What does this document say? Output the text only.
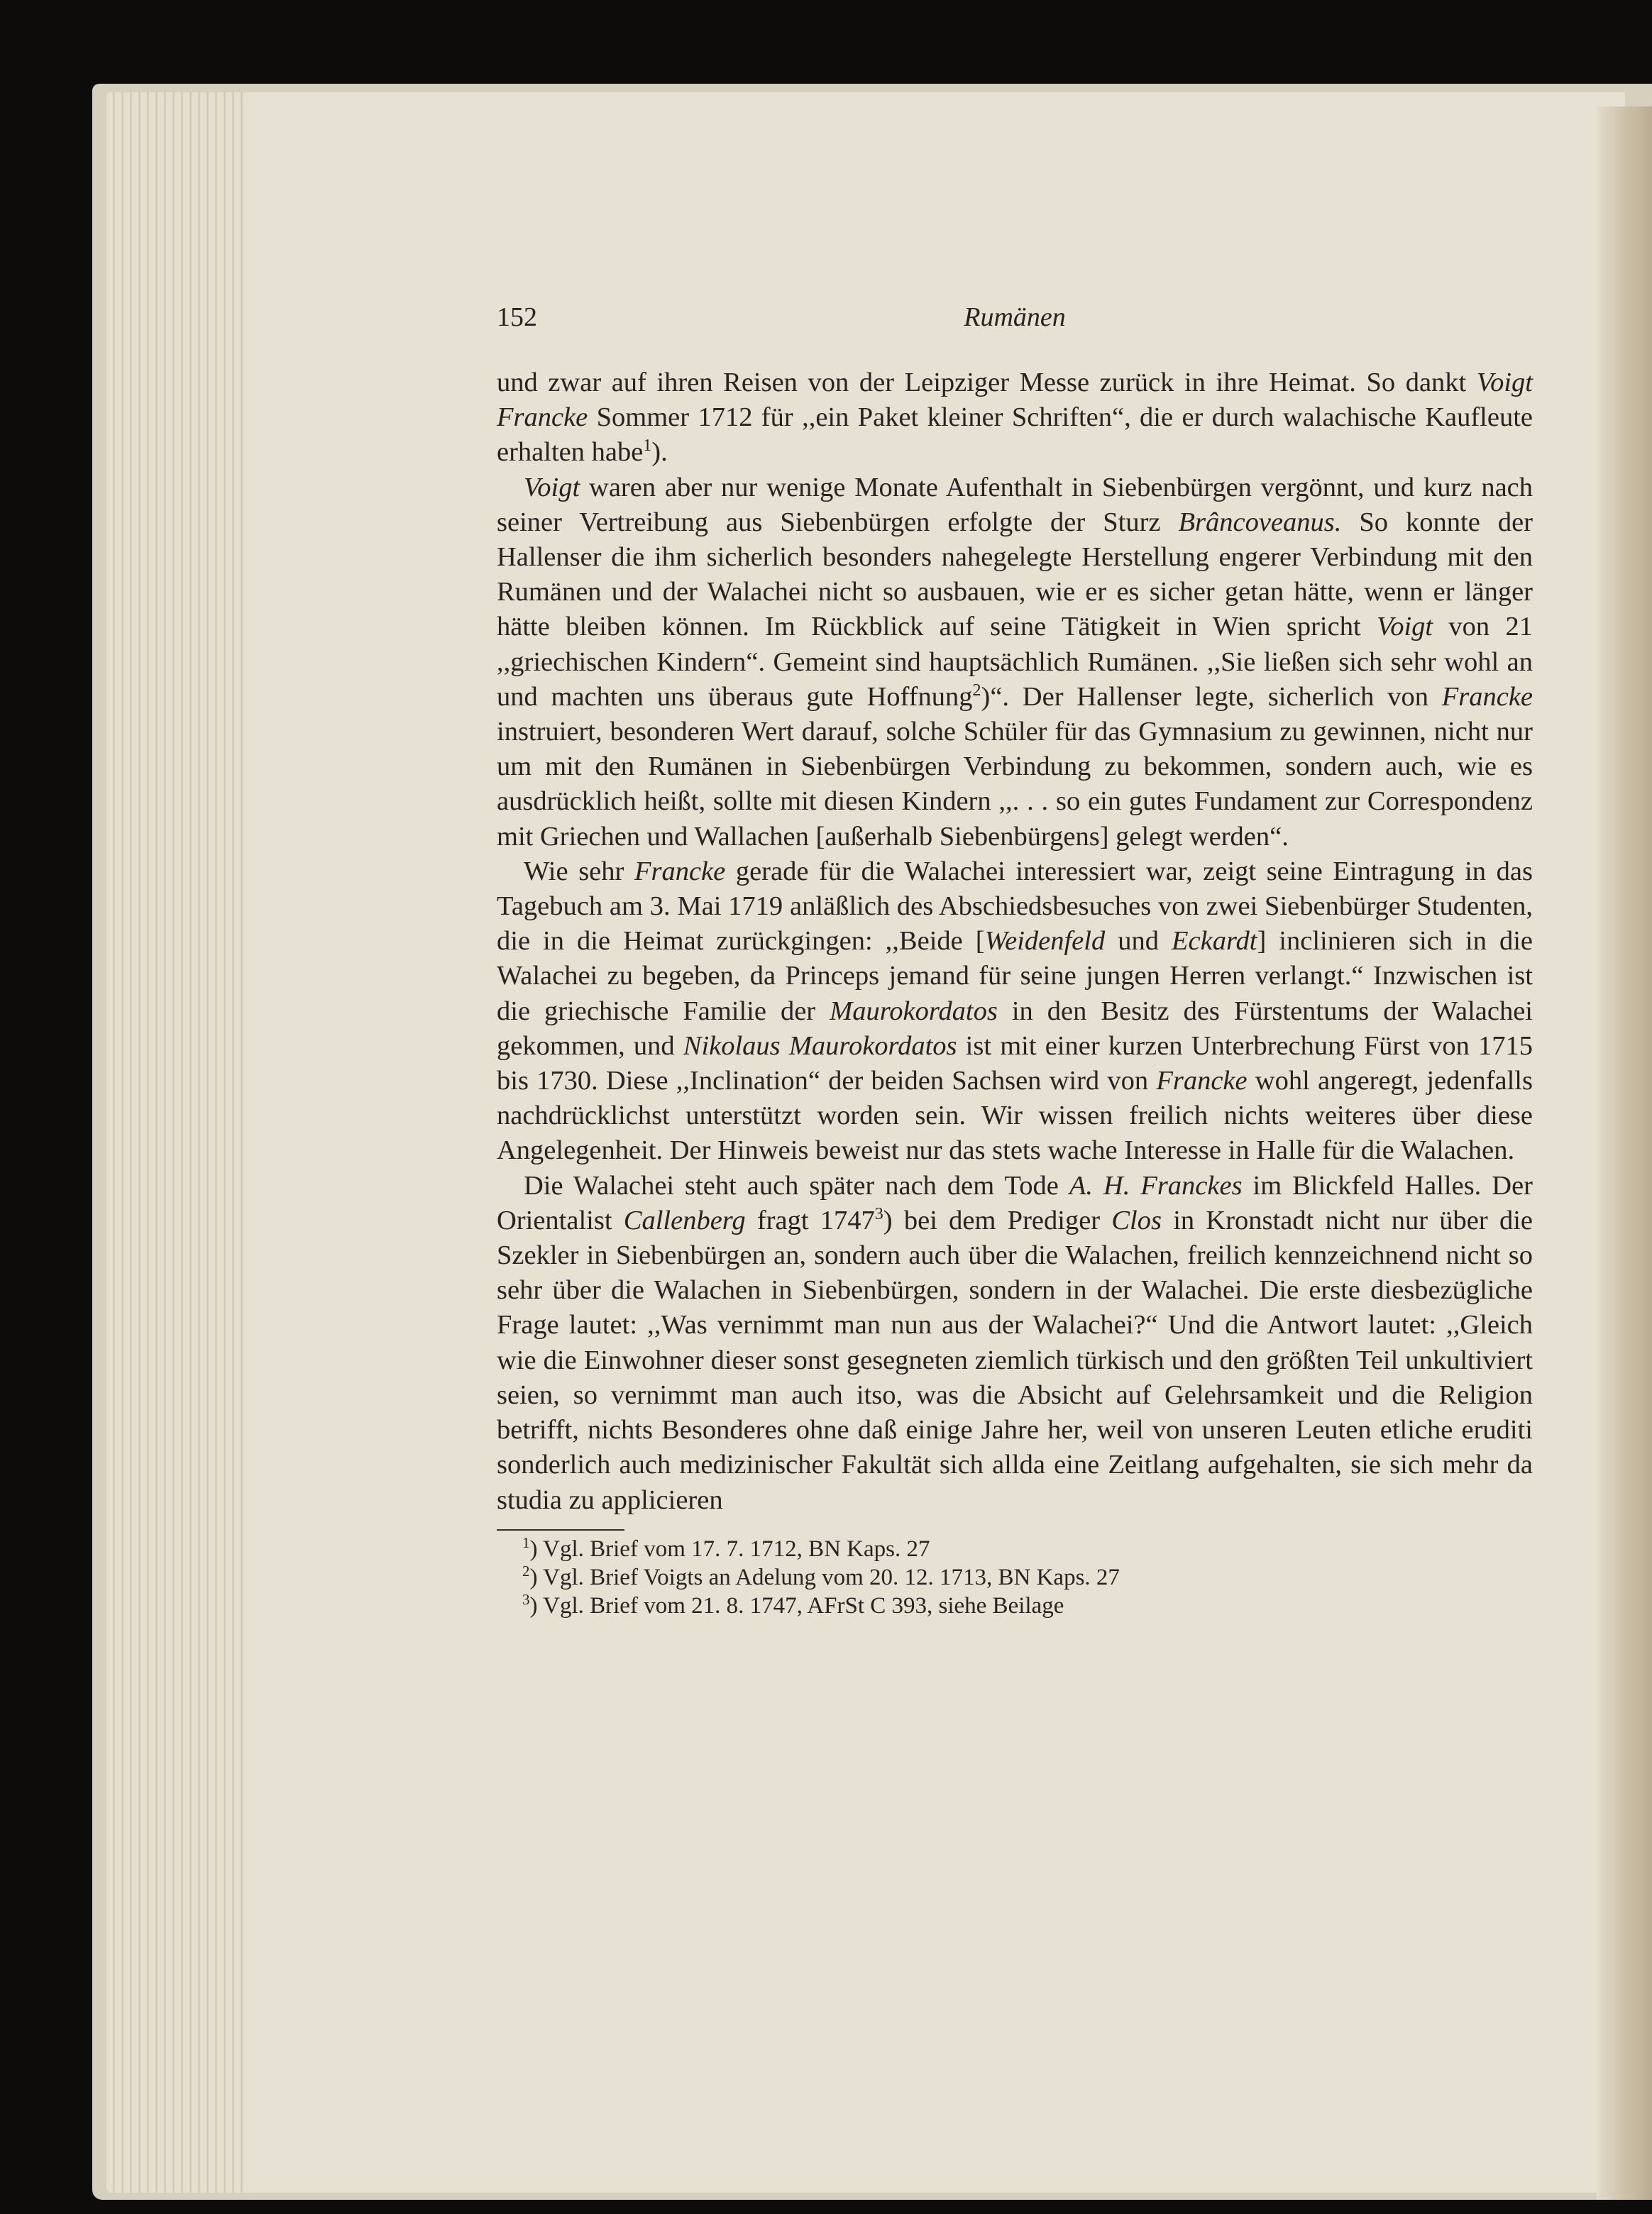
152	Rumänen

und zwar auf ihren Reisen von der Leipziger Messe zurück in ihre Heimat. So dankt Voigt Francke Sommer 1712 für ,,ein Paket kleiner Schriften“, die er durch walachische Kaufleute erhalten habe$^1$).

Voigt waren aber nur wenige Monate Aufenthalt in Siebenbürgen vergönnt, und kurz nach seiner Vertreibung aus Siebenbürgen erfolgte der Sturz Brâncoveanus. So konnte der Hallenser die ihm sicherlich besonders nahegelegte Herstellung engerer Verbindung mit den Rumänen und der Walachei nicht so ausbauen, wie er es sicher getan hätte, wenn er länger hätte bleiben können. Im Rückblick auf seine Tätigkeit in Wien spricht Voigt von 21 ,,griechischen Kindern“. Gemeint sind hauptsächlich Rumänen. ,,Sie ließen sich sehr wohl an und machten uns überaus gute Hoffnung$^2$)“. Der Hallenser legte, sicherlich von Francke instruiert, besonderen Wert darauf, solche Schüler für das Gymnasium zu gewinnen, nicht nur um mit den Rumänen in Siebenbürgen Verbindung zu bekommen, sondern auch, wie es ausdrücklich heißt, sollte mit diesen Kindern ,,. . . so ein gutes Fundament zur Correspondenz mit Griechen und Wallachen [außerhalb Siebenbürgens] gelegt werden“.

Wie sehr Francke gerade für die Walachei interessiert war, zeigt seine Eintragung in das Tagebuch am 3. Mai 1719 anläßlich des Abschiedsbesuches von zwei Siebenbürger Studenten, die in die Heimat zurückgingen: ,,Beide [Weidenfeld und Eckardt] inclinieren sich in die Walachei zu begeben, da Princeps jemand für seine jungen Herren verlangt.“ Inzwischen ist die griechische Familie der Maurokordatos in den Besitz des Fürstentums der Walachei gekommen, und Nikolaus Maurokordatos ist mit einer kurzen Unterbrechung Fürst von 1715 bis 1730. Diese ,,Inclination“ der beiden Sachsen wird von Francke wohl angeregt, jedenfalls nachdrücklichst unterstützt worden sein. Wir wissen freilich nichts weiteres über diese Angelegenheit. Der Hinweis beweist nur das stets wache Interesse in Halle für die Walachen.

Die Walachei steht auch später nach dem Tode A. H. Franckes im Blickfeld Halles. Der Orientalist Callenberg fragt 1747$^3$) bei dem Prediger Clos in Kronstadt nicht nur über die Szekler in Siebenbürgen an, sondern auch über die Walachen, freilich kennzeichnend nicht so sehr über die Walachen in Siebenbürgen, sondern in der Walachei. Die erste diesbezügliche Frage lautet: ,,Was vernimmt man nun aus der Walachei?“ Und die Antwort lautet: ,,Gleich wie die Einwohner dieser sonst gesegneten ziemlich türkisch und den größten Teil unkultiviert seien, so vernimmt man auch itso, was die Absicht auf Gelehrsamkeit und die Religion betrifft, nichts Besonderes ohne daß einige Jahre her, weil von unseren Leuten etliche eruditi sonderlich auch medizinischer Fakultät sich allda eine Zeitlang aufgehalten, sie sich mehr da studia zu applicieren

$^1$) Vgl. Brief vom 17. 7. 1712, BN Kaps. 27
$^2$) Vgl. Brief Voigts an Adelung vom 20. 12. 1713, BN Kaps. 27
$^3$) Vgl. Brief vom 21. 8. 1747, AFrSt C 393, siehe Beilage
